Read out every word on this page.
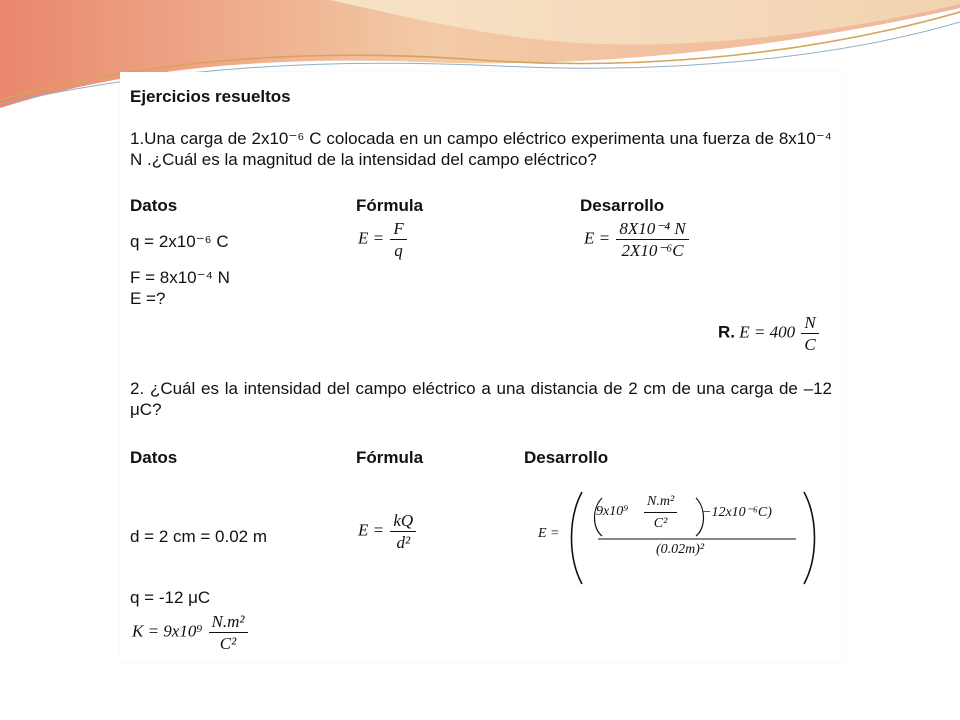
Ejercicios resueltos
1.Una carga de 2x10⁻⁶ C colocada en un campo eléctrico experimenta una fuerza de 8x10⁻⁴ N .¿Cuál es la magnitud de la intensidad del campo eléctrico?
Datos	Fórmula	Desarrollo
q = 2x10⁻⁶ C
F = 8x10⁻⁴ N
E =?
$E = \frac{F}{q}$	$E = \frac{\text{8X10⁻⁴ N}}{\text{2X10⁻⁶C}}$
R. $E = 400 \frac{N}{C}$
2. ¿Cuál es la intensidad del campo eléctrico a una distancia de 2 cm de una carga de –12 μC?
Datos	Fórmula	Desarrollo
d = 2 cm = 0.02 m
q = -12 μC
$E = \frac{kQ}{\text{d²}}$	E =
$9x10^9 \frac{\text{N.m²}}{\text{C²}} -12x10^{-6}C$)
(0.02m)²
$K = 9x10^9 \frac{\text{N.m²}}{\text{C²}}$
